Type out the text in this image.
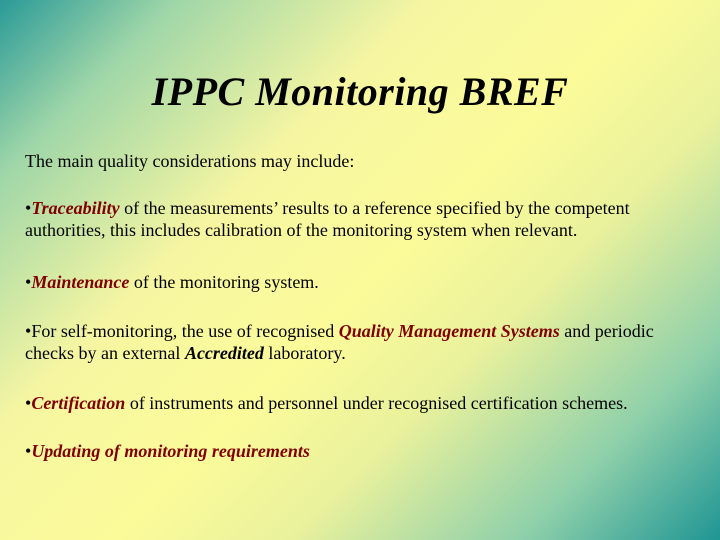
IPPC Monitoring BREF
The main quality considerations may include:
•Traceability of the measurements’ results to a reference specified by the competent authorities, this includes calibration of the monitoring system when relevant.
•Maintenance of the monitoring system.
•For self-monitoring, the use of recognised Quality Management Systems and periodic checks by an external Accredited laboratory.
•Certification of instruments and personnel under recognised certification schemes.
•Updating of monitoring requirements
